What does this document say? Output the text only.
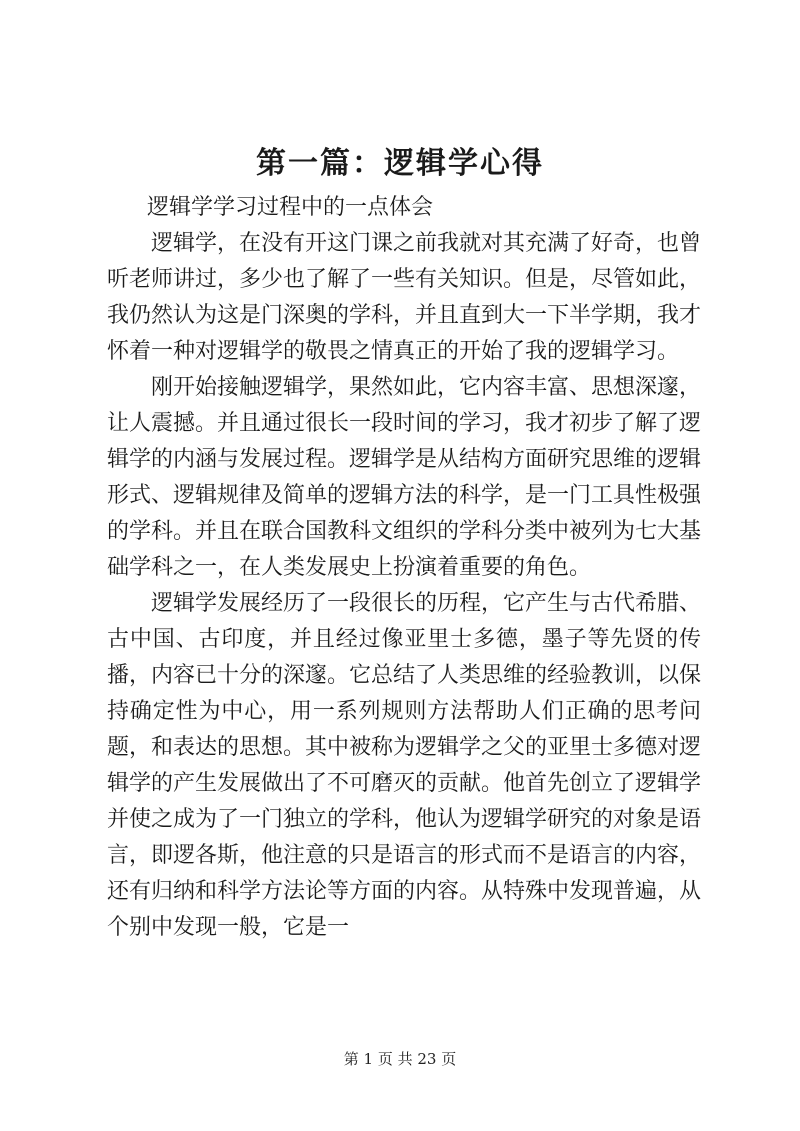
第一篇：逻辑学心得

逻辑学学习过程中的一点体会

逻辑学，在没有开这门课之前我就对其充满了好奇，也曾听老师讲过，多少也了解了一些有关知识。但是，尽管如此，我仍然认为这是门深奥的学科，并且直到大一下半学期，我才怀着一种对逻辑学的敬畏之情真正的开始了我的逻辑学习。

刚开始接触逻辑学，果然如此，它内容丰富、思想深邃，让人震撼。并且通过很长一段时间的学习，我才初步了解了逻辑学的内涵与发展过程。逻辑学是从结构方面研究思维的逻辑形式、逻辑规律及简单的逻辑方法的科学，是一门工具性极强的学科。并且在联合国教科文组织的学科分类中被列为七大基础学科之一，在人类发展史上扮演着重要的角色。

逻辑学发展经历了一段很长的历程，它产生与古代希腊、古中国、古印度，并且经过像亚里士多德，墨子等先贤的传播，内容已十分的深邃。它总结了人类思维的经验教训，以保持确定性为中心，用一系列规则方法帮助人们正确的思考问题，和表达的思想。其中被称为逻辑学之父的亚里士多德对逻辑学的产生发展做出了不可磨灭的贡献。他首先创立了逻辑学并使之成为了一门独立的学科，他认为逻辑学研究的对象是语言，即逻各斯，他注意的只是语言的形式而不是语言的内容，还有归纳和科学方法论等方面的内容。从特殊中发现普遍，从个别中发现一般，它是一

第 1 页 共 23 页
